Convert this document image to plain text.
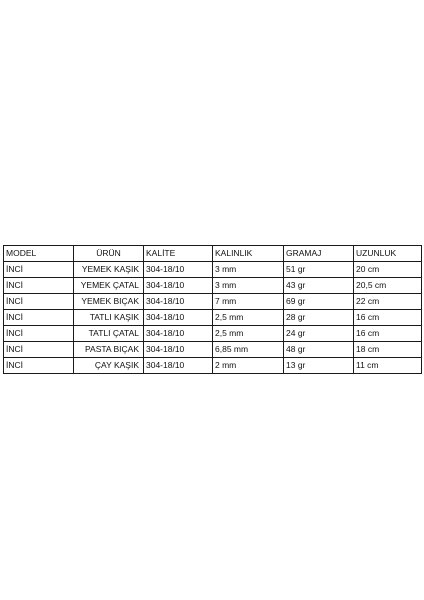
MODEL	ÜRÜN	KALİTE	KALINLIK	GRAMAJ	UZUNLUK
İNCİ	YEMEK KAŞIK	304-18/10	3 mm	51 gr	20 cm
İNCİ	YEMEK ÇATAL	304-18/10	3 mm	43 gr	20,5 cm
İNCİ	YEMEK BIÇAK	304-18/10	7 mm	69 gr	22 cm
İNCİ	TATLI KAŞIK	304-18/10	2,5 mm	28 gr	16 cm
İNCİ	TATLI ÇATAL	304-18/10	2,5 mm	24 gr	16 cm
İNCİ	PASTA BIÇAK	304-18/10	6,85 mm	48 gr	18 cm
İNCİ	ÇAY KAŞIK	304-18/10	2 mm	13 gr	11 cm
